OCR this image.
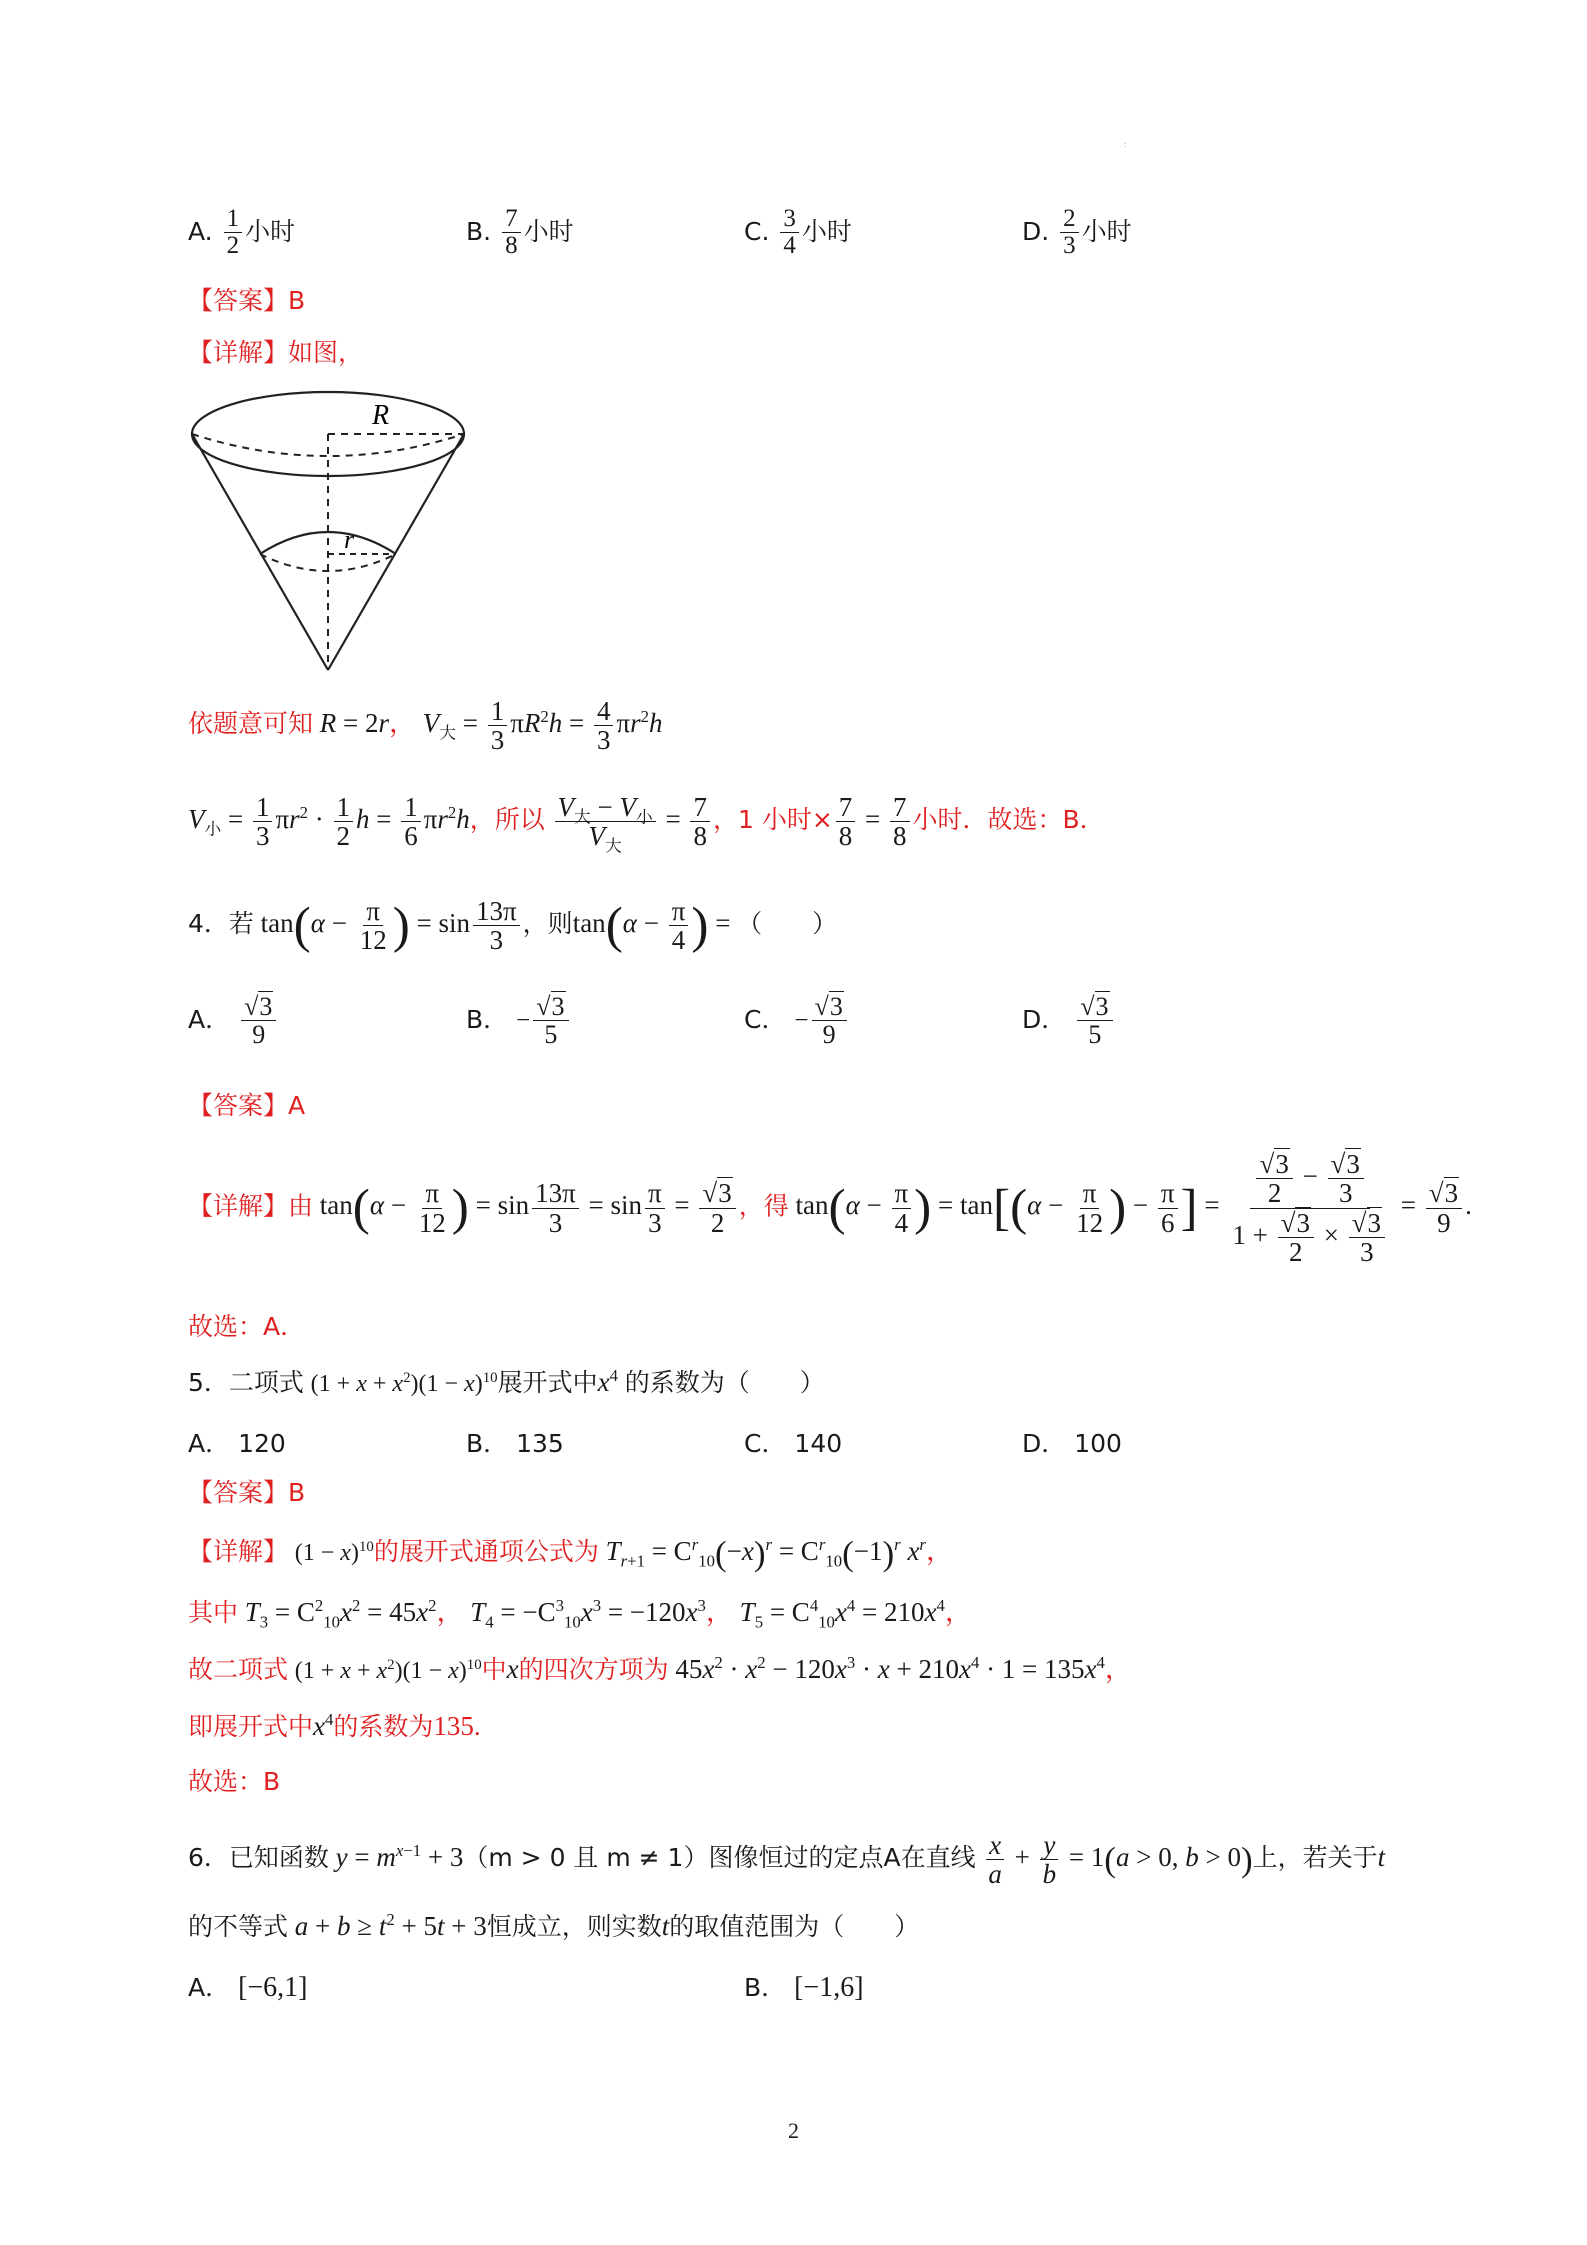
:
A. $\frac{1}{2}$ 小时	B. $\frac{7}{8}$ 小时	C. $\frac{3}{4}$ 小时	D. $\frac{2}{3}$ 小时
【答案】B
【详解】如图，
R
r
依题意可知 R = 2r， $V_大 = \frac{1}{3} \pi R^2h = \frac{4}{3} \pi r^2h$
$V_小 = \frac{1}{3} \pi r^2 \cdot \frac{1}{2}$ $h = \frac{1}{6} \pi r^2h$，所以 $\frac{V_大 - V_小}{V_大} = \frac{7}{8}$ ，1 小时× $\frac{7}{8} = \frac{7}{8}$ 小时．故选：B．
4．若 $\tan(\alpha - \frac{\pi}{12}$ ) = $\sin \frac{13\pi}{3}$ ，则$\tan(\alpha - \frac{\pi}{4}$ ) = （　　）
A． $\frac{√3}{9}$	B． − $\frac{√3}{5}$	C． − $\frac{√3}{9}$	D． $\frac{√3}{5}$
【答案】A
【详解】由 $\tan(\alpha - \frac{\pi}{12}$ ) = $\sin \frac{13\pi}{3} = \sin \frac{\pi}{3} = \frac{√3}{2}$ ，得 $\tan(\alpha - \frac{\pi}{4}$ ) = $\tan[(\alpha - \frac{\pi}{12}$ ) − $\frac{\pi}{6}$ ] = $\frac{\frac{√3}{2} - \frac{√3}{3}}{1 + \frac{√3}{2} \times \frac{√3}{3}} = \frac{√3}{9}$ .
故选：A．
5．二项式 $(1 + x + x^2)(1 - x)^{10}$展开式中$x^4$ 的系数为（　　）
A． 120	B． 135	C． 140	D． 100
【答案】B
【详解】 $(1 - x)^{10}$的展开式通项公式为 $T_{r+1} = C^r_{10}(-x)^r = C^r_{10}(-1)^r$ $x^r$，
其中 $T_3 = C^2_{10}x^2 = 45x^2$， $T_4 = -C^3_{10}x^3 = -120x^3$， $T_5 = C^4_{10}x^4 = 210x^4$，
故二项式 $(1 + x + x^2)(1 - x)^{10}$中x的四次方项为 $45x^2 \cdot x^2 - 120x^3 \cdot x + 210x^4 \cdot 1 = 135x^4$，
即展开式中$x^4$的系数为135.
故选：B
6．已知函数 $y = m^{x-1} + 3(m > 0$ 且 m ≠ 1）图像恒过的定点A在直线 $\frac{x}{a} + \frac{y}{b} = 1(a > 0$, b > 0)上，若关于t
的不等式 $a + b \ge t^2 + 5t + 3$恒成立，则实数t的取值范围为（　　）
A． [−6,1]	B． [−1,6]
2
